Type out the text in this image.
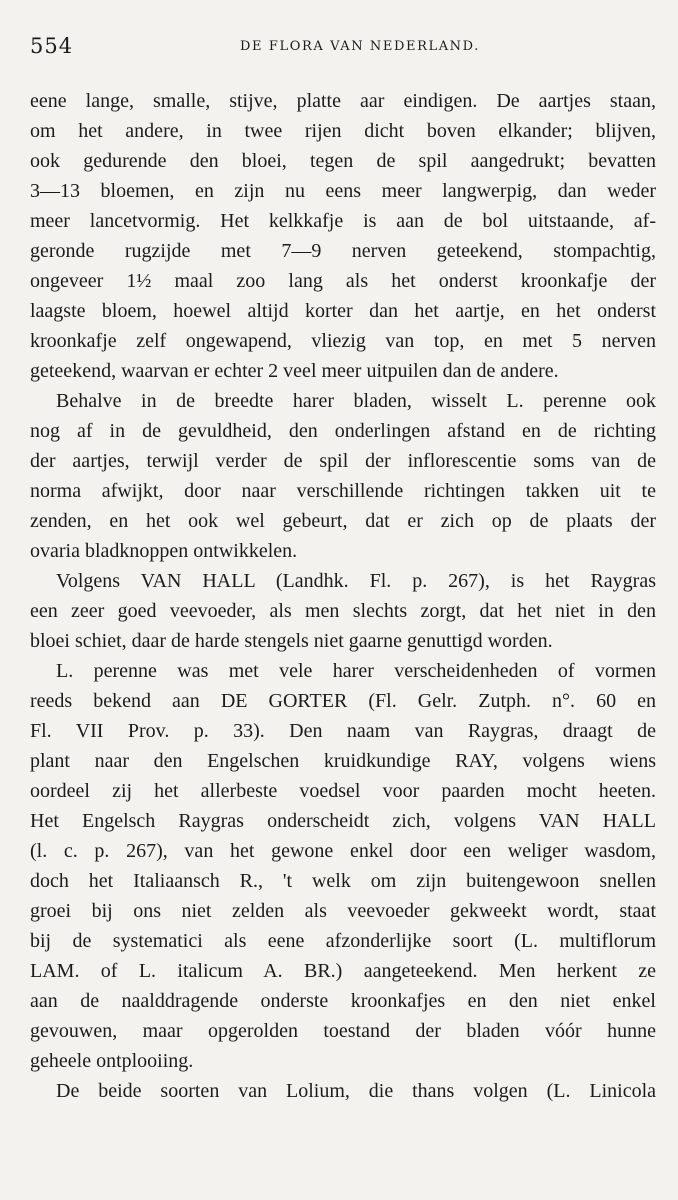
554	DE FLORA VAN NEDERLAND.
eene lange, smalle, stijve, platte aar eindigen. De aartjes staan,
om het andere, in twee rijen dicht boven elkander; blijven,
ook gedurende den bloei, tegen de spil aangedrukt; bevatten
3—13 bloemen, en zijn nu eens meer langwerpig, dan weder
meer lancetvormig. Het kelkkafje is aan de bol uitstaande, af-
geronde rugzijde met 7—9 nerven geteekend, stompachtig,
ongeveer 1½ maal zoo lang als het onderst kroonkafje der
laagste bloem, hoewel altijd korter dan het aartje, en het onderst
kroonkafje zelf ongewapend, vliezig van top, en met 5 nerven
geteekend, waarvan er echter 2 veel meer uitpuilen dan de andere.
Behalve in de breedte harer bladen, wisselt L. perenne ook
nog af in de gevuldheid, den onderlingen afstand en de richting
der aartjes, terwijl verder de spil der inflorescentie soms van de
norma afwijkt, door naar verschillende richtingen takken uit te
zenden, en het ook wel gebeurt, dat er zich op de plaats der
ovaria bladknoppen ontwikkelen.
Volgens VAN HALL (Landhk. Fl. p. 267), is het Raygras
een zeer goed veevoeder, als men slechts zorgt, dat het niet in den
bloei schiet, daar de harde stengels niet gaarne genuttigd worden.
L. perenne was met vele harer verscheidenheden of vormen
reeds bekend aan DE GORTER (Fl. Gelr. Zutph. n°. 60 en
Fl. VII Prov. p. 33). Den naam van Raygras, draagt de
plant naar den Engelschen kruidkundige RAY, volgens wiens
oordeel zij het allerbeste voedsel voor paarden mocht heeten.
Het Engelsch Raygras onderscheidt zich, volgens VAN HALL
(l. c. p. 267), van het gewone enkel door een weliger wasdom,
doch het Italiaansch R., 't welk om zijn buitengewoon snellen
groei bij ons niet zelden als veevoeder gekweekt wordt, staat
bij de systematici als eene afzonderlijke soort (L. multiflorum
LAM. of L. italicum A. BR.) aangeteekend. Men herkent ze
aan de naalddragende onderste kroonkafjes en den niet enkel
gevouwen, maar opgerolden toestand der bladen vóór hunne
geheele ontplooiing.
De beide soorten van Lolium, die thans volgen (L. Linicola
